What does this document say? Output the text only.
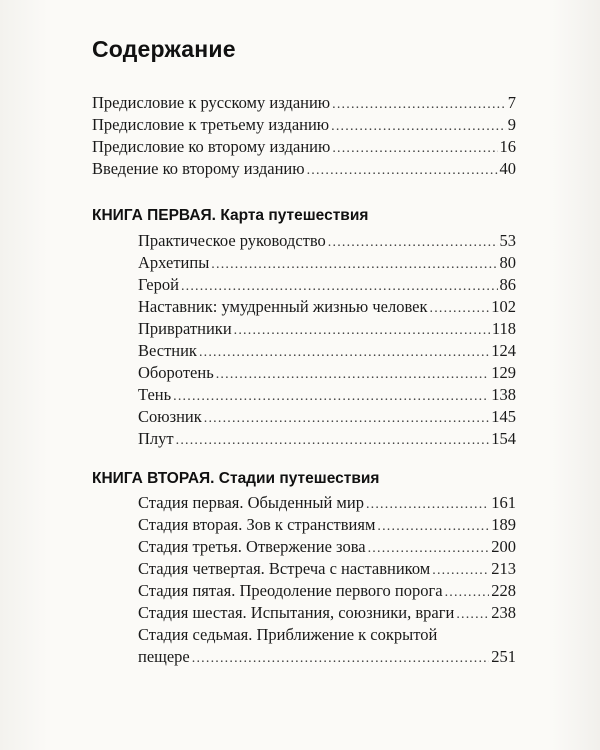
Содержание
Предисловие к русскому изданию .....	7
Предисловие к третьему изданию .....	9
Предисловие ко второму изданию .....	16
Введение ко второму изданию .....	40
КНИГА ПЕРВАЯ. Карта путешествия
Практическое руководство .....	53
Архетипы .....	80
Герой .....	86
Наставник: умудренный жизнью человек .....	102
Привратники .....	118
Вестник .....	124
Оборотень .....	129
Тень .....	138
Союзник .....	145
Плут .....	154
КНИГА ВТОРАЯ. Стадии путешествия
Стадия первая. Обыденный мир .....	161
Стадия вторая. Зов к странствиям .....	189
Стадия третья. Отвержение зова .....	200
Стадия четвертая. Встреча с наставником .....	213
Стадия пятая. Преодоление первого порога .....	228
Стадия шестая. Испытания, союзники, враги ..... 238
Стадия седьмая. Приближение к сокрытой
пещере .....	251
